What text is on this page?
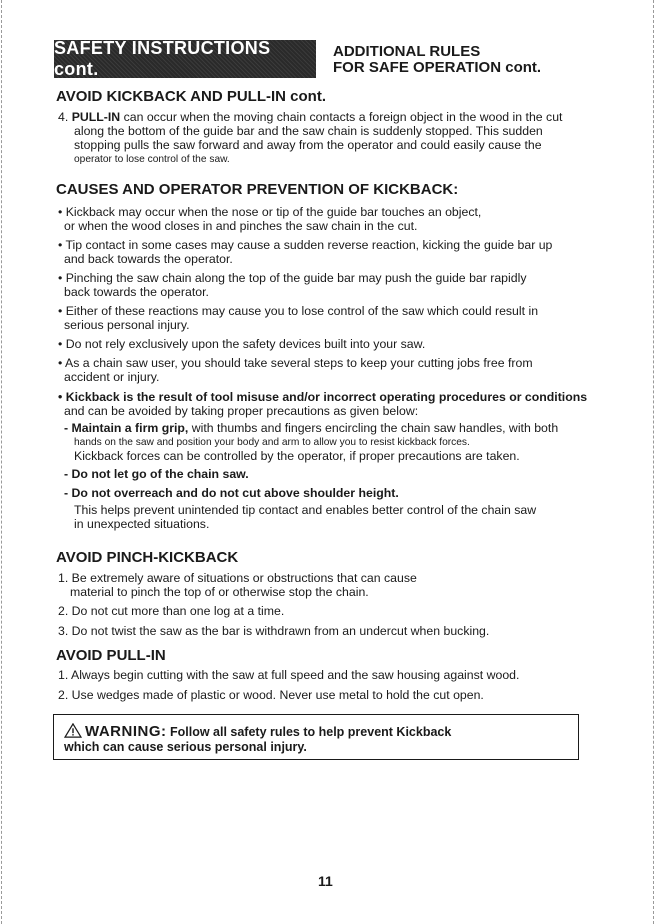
SAFETY INSTRUCTIONS cont.
ADDITIONAL RULES
FOR SAFE OPERATION cont.
AVOID KICKBACK AND PULL-IN cont.
4. PULL-IN can occur when the moving chain contacts a foreign object in the wood in the cut
along the bottom of the guide bar and the saw chain is suddenly stopped. This sudden
stopping pulls the saw forward and away from the operator and could easily cause the
operator to lose control of the saw.
CAUSES AND OPERATOR PREVENTION OF KICKBACK:
• Kickback may occur when the nose or tip of the guide bar touches an object,
or when the wood closes in and pinches the saw chain in the cut.
• Tip contact in some cases may cause a sudden reverse reaction, kicking the guide bar up
and back towards the operator.
• Pinching the saw chain along the top of the guide bar may push the guide bar rapidly
back towards the operator.
• Either of these reactions may cause you to lose control of the saw which could result in
serious personal injury.
• Do not rely exclusively upon the safety devices built into your saw.
• As a chain saw user, you should take several steps to keep your cutting jobs free from
accident or injury.
• Kickback is the result of tool misuse and/or incorrect operating procedures or conditions
and can be avoided by taking proper precautions as given below:
- Maintain a firm grip, with thumbs and fingers encircling the chain saw handles, with both
hands on the saw and position your body and arm to allow you to resist kickback forces.
Kickback forces can be controlled by the operator, if proper precautions are taken.
- Do not let go of the chain saw.
- Do not overreach and do not cut above shoulder height.
This helps prevent unintended tip contact and enables better control of the chain saw
in unexpected situations.
AVOID PINCH-KICKBACK
1. Be extremely aware of situations or obstructions that can cause
material to pinch the top of or otherwise stop the chain.
2. Do not cut more than one log at a time.
3. Do not twist the saw as the bar is withdrawn from an undercut when bucking.
AVOID PULL-IN
1. Always begin cutting with the saw at full speed and the saw housing against wood.
2. Use wedges made of plastic or wood. Never use metal to hold the cut open.
WARNING: Follow all safety rules to help prevent Kickback
which can cause serious personal injury.
11
